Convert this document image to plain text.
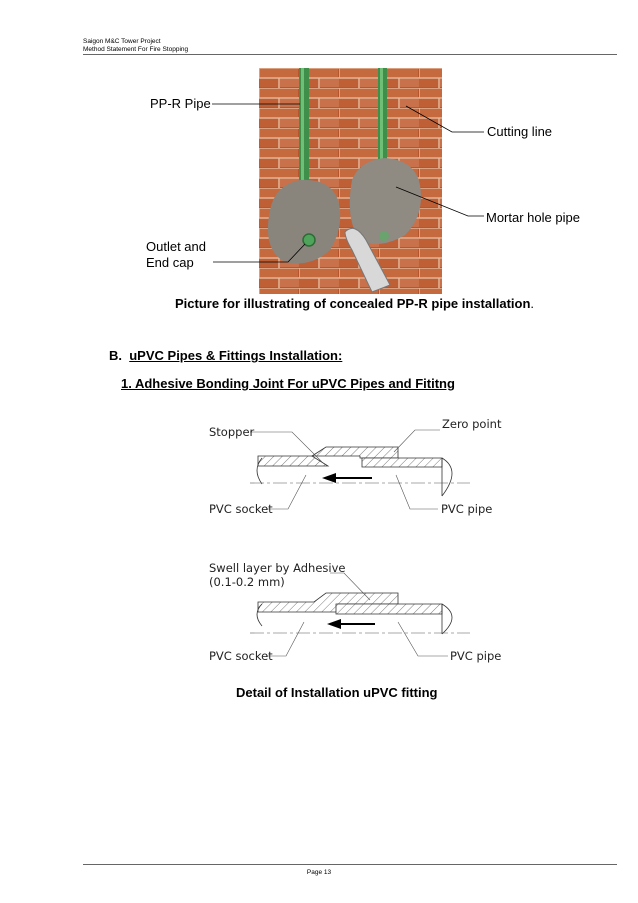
Saigon M&C Tower Project
Method Statement For Fire Stopping
PP-R Pipe
Cutting line
Mortar hole pipe
Outlet and
End cap
Picture for illustrating of concealed PP-R pipe installation.
B. uPVC Pipes & Fittings Installation:
1. Adhesive Bonding Joint For uPVC Pipes and Fititng
Stopper
Zero point
PVC socket	PVC pipe
Swell layer by Adhesive
(0.1-0.2 mm)
PVC socket	PVC pipe
Detail of Installation uPVC fitting
Page 13
